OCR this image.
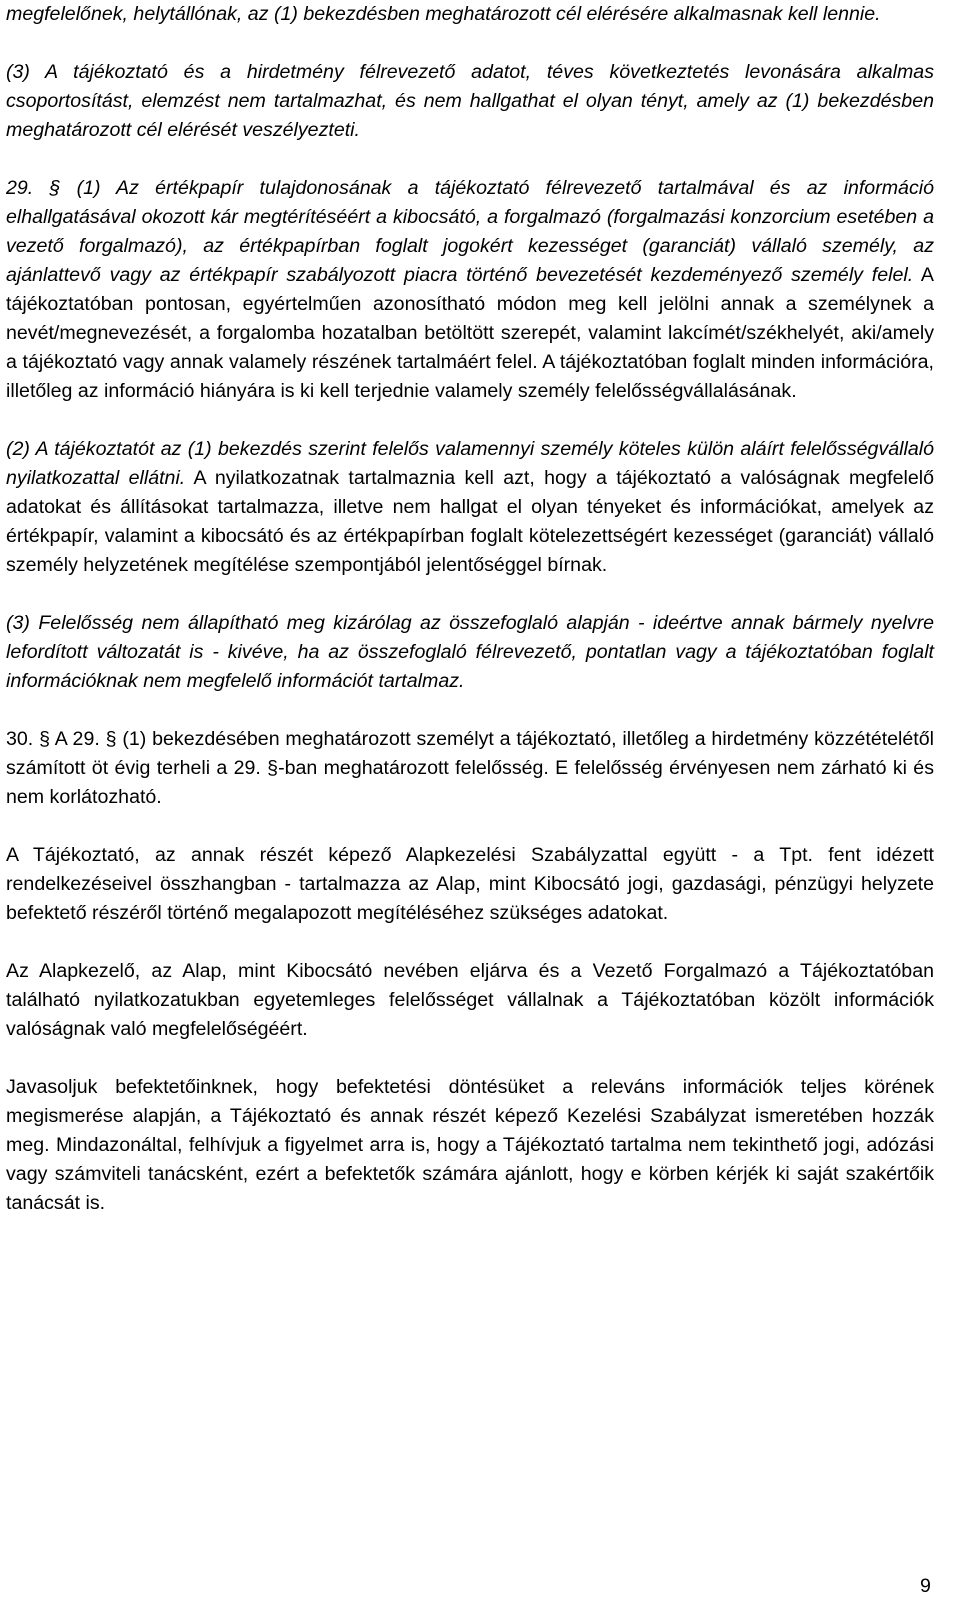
megfelelőnek, helytállónak, az (1) bekezdésben meghatározott cél elérésére alkalmasnak kell lennie.

(3) A tájékoztató és a hirdetmény félrevezető adatot, téves következtetés levonására alkalmas csoportosítást, elemzést nem tartalmazhat, és nem hallgathat el olyan tényt, amely az (1) bekezdésben meghatározott cél elérését veszélyezteti.

29. § (1) Az értékpapír tulajdonosának a tájékoztató félrevezető tartalmával és az információ elhallgatásával okozott kár megtérítéséért a kibocsátó, a forgalmazó (forgalmazási konzorcium esetében a vezető forgalmazó), az értékpapírban foglalt jogokért kezességet (garanciát) vállaló személy, az ajánlattevő vagy az értékpapír szabályozott piacra történő bevezetését kezdeményező személy felel. A tájékoztatóban pontosan, egyértelműen azonosítható módon meg kell jelölni annak a személynek a nevét/megnevezését, a forgalomba hozatalban betöltött szerepét, valamint lakcímét/székhelyét, aki/amely a tájékoztató vagy annak valamely részének tartalmáért felel. A tájékoztatóban foglalt minden információra, illetőleg az információ hiányára is ki kell terjednie valamely személy felelősségvállalásának.

(2) A tájékoztatót az (1) bekezdés szerint felelős valamennyi személy köteles külön aláírt felelősségvállaló nyilatkozattal ellátni. A nyilatkozatnak tartalmaznia kell azt, hogy a tájékoztató a valóságnak megfelelő adatokat és állításokat tartalmazza, illetve nem hallgat el olyan tényeket és információkat, amelyek az értékpapír, valamint a kibocsátó és az értékpapírban foglalt kötelezettségért kezességet (garanciát) vállaló személy helyzetének megítélése szempontjából jelentőséggel bírnak.

(3) Felelősség nem állapítható meg kizárólag az összefoglaló alapján - ideértve annak bármely nyelvre lefordított változatát is - kivéve, ha az összefoglaló félrevezető, pontatlan vagy a tájékoztatóban foglalt információknak nem megfelelő információt tartalmaz.

30. § A 29. § (1) bekezdésében meghatározott személyt a tájékoztató, illetőleg a hirdetmény közzétételétől számított öt évig terheli a 29. §-ban meghatározott felelősség. E felelősség érvényesen nem zárható ki és nem korlátozható.

A Tájékoztató, az annak részét képező Alapkezelési Szabályzattal együtt - a Tpt. fent idézett rendelkezéseivel összhangban - tartalmazza az Alap, mint Kibocsátó jogi, gazdasági, pénzügyi helyzete befektető részéről történő megalapozott megítéléséhez szükséges adatokat.

Az Alapkezelő, az Alap, mint Kibocsátó nevében eljárva és a Vezető Forgalmazó a Tájékoztatóban található nyilatkozatukban egyetemleges felelősséget vállalnak a Tájékoztatóban közölt információk valóságnak való megfelelőségéért.

Javasoljuk befektetőinknek, hogy befektetési döntésüket a releváns információk teljes körének megismerése alapján, a Tájékoztató és annak részét képező Kezelési Szabályzat ismeretében hozzák meg. Mindazonáltal, felhívjuk a figyelmet arra is, hogy a Tájékoztató tartalma nem tekinthető jogi, adózási vagy számviteli tanácsként, ezért a befektetők számára ajánlott, hogy e körben kérjék ki saját szakértőik tanácsát is.

9
